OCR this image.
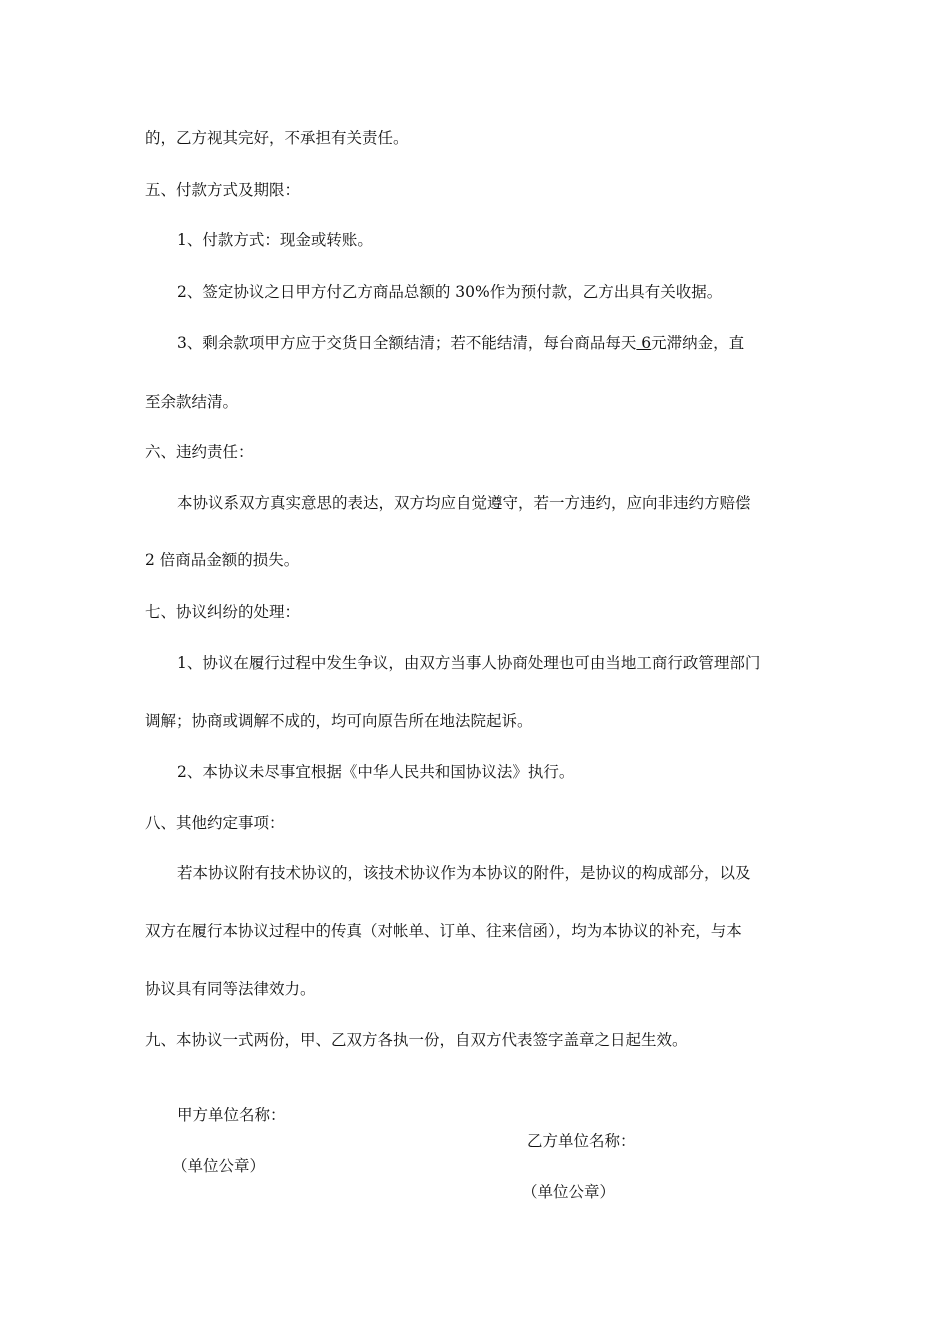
的，乙方视其完好，不承担有关责任。
五、付款方式及期限：
1、付款方式：现金或转账。
2、签定协议之日甲方付乙方商品总额的 30%作为预付款，乙方出具有关收据。
3、剩余款项甲方应于交货日全额结清；若不能结清，每台商品每天 6元滞纳金，直
至余款结清。
六、违约责任：
本协议系双方真实意思的表达，双方均应自觉遵守，若一方违约，应向非违约方赔偿
2 倍商品金额的损失。
七、协议纠纷的处理：
1、协议在履行过程中发生争议，由双方当事人协商处理也可由当地工商行政管理部门
调解；协商或调解不成的，均可向原告所在地法院起诉。
2、本协议未尽事宜根据《中华人民共和国协议法》执行。
八、其他约定事项：
若本协议附有技术协议的，该技术协议作为本协议的附件，是协议的构成部分，以及
双方在履行本协议过程中的传真（对帐单、订单、往来信函），均为本协议的补充，与本
协议具有同等法律效力。
九、本协议一式两份，甲、乙双方各执一份，自双方代表签字盖章之日起生效。
甲方单位名称：
乙方单位名称：
（单位公章）
（单位公章）
